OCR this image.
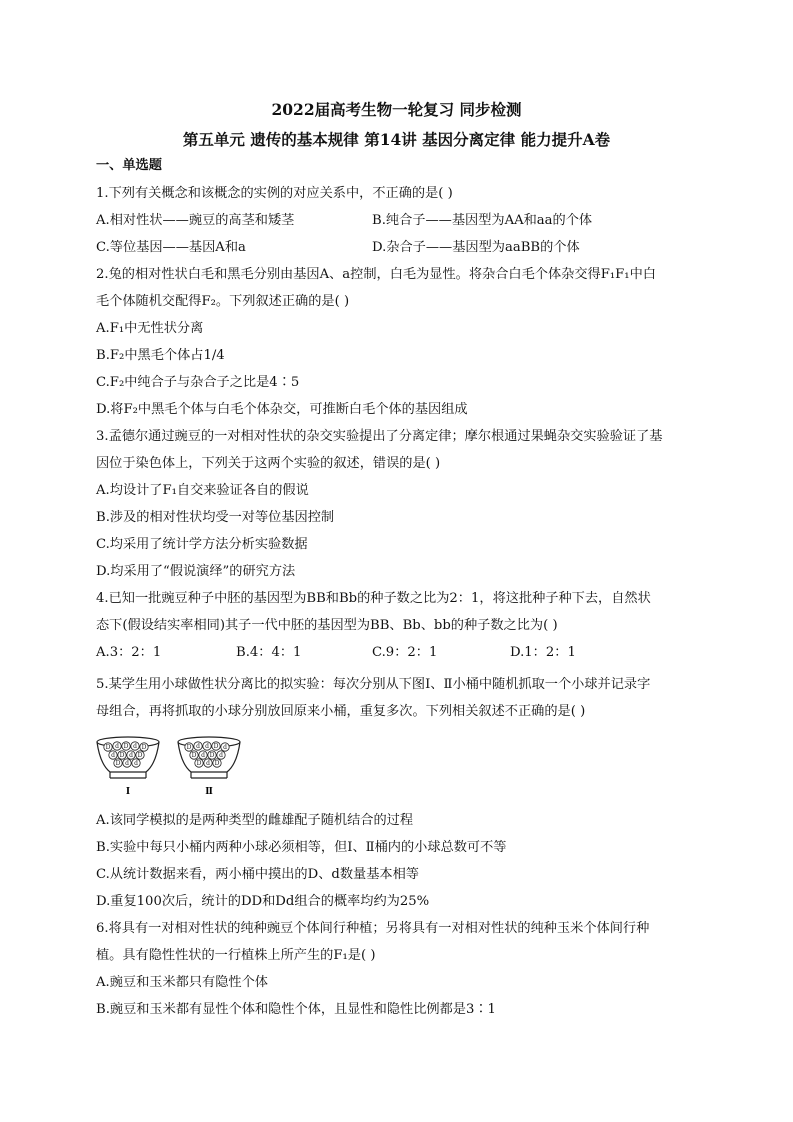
2022届高考生物一轮复习 同步检测
第五单元 遗传的基本规律 第14讲 基因分离定律 能力提升A卷
一、单选题
1.下列有关概念和该概念的实例的对应关系中，不正确的是( )
A.相对性状——豌豆的高茎和矮茎	B.纯合子——基因型为AA和aa的个体
C.等位基因——基因A和a	D.杂合子——基因型为aaBB的个体
2.兔的相对性状白毛和黑毛分别由基因A、a控制，白毛为显性。将杂合白毛个体杂交得F₁F₁中白
毛个体随机交配得F₂。下列叙述正确的是( )
A.F₁中无性状分离
B.F₂中黑毛个体占1/4
C.F₂中纯合子与杂合子之比是4∶5
D.将F₂中黑毛个体与白毛个体杂交，可推断白毛个体的基因组成
3.孟德尔通过豌豆的一对相对性状的杂交实验提出了分离定律；摩尔根通过果蝇杂交实验验证了基
因位于染色体上，下列关于这两个实验的叙述，错误的是( )
A.均设计了F₁自交来验证各自的假说
B.涉及的相对性状均受一对等位基因控制
C.均采用了统计学方法分析实验数据
D.均采用了“假说演绎”的研究方法
4.已知一批豌豆种子中胚的基因型为BB和Bb的种子数之比为2：1，将这批种子种下去，自然状
态下(假设结实率相同)其子一代中胚的基因型为BB、Bb、bb的种子数之比为( )
A.3：2：1	B.4：4：1	C.9：2：1	D.1：2：1
5.某学生用小球做性状分离比的拟实验：每次分别从下图Ⅰ、Ⅱ小桶中随机抓取一个小球并记录字
母组合，再将抓取的小球分别放回原来小桶，重复多次。下列相关叙述不正确的是( )
D d D d D
d D d D
D d d
D d d D d
D d D d
D d D
Ⅰ	Ⅱ
A.该同学模拟的是两种类型的雌雄配子随机结合的过程
B.实验中每只小桶内两种小球必须相等，但Ⅰ、Ⅱ桶内的小球总数可不等
C.从统计数据来看，两小桶中摸出的D、d数量基本相等
D.重复100次后，统计的DD和Dd组合的概率均约为25%
6.将具有一对相对性状的纯种豌豆个体间行种植；另将具有一对相对性状的纯种玉米个体间行种
植。具有隐性性状的一行植株上所产生的F₁是( )
A.豌豆和玉米都只有隐性个体
B.豌豆和玉米都有显性个体和隐性个体，且显性和隐性比例都是3∶1
